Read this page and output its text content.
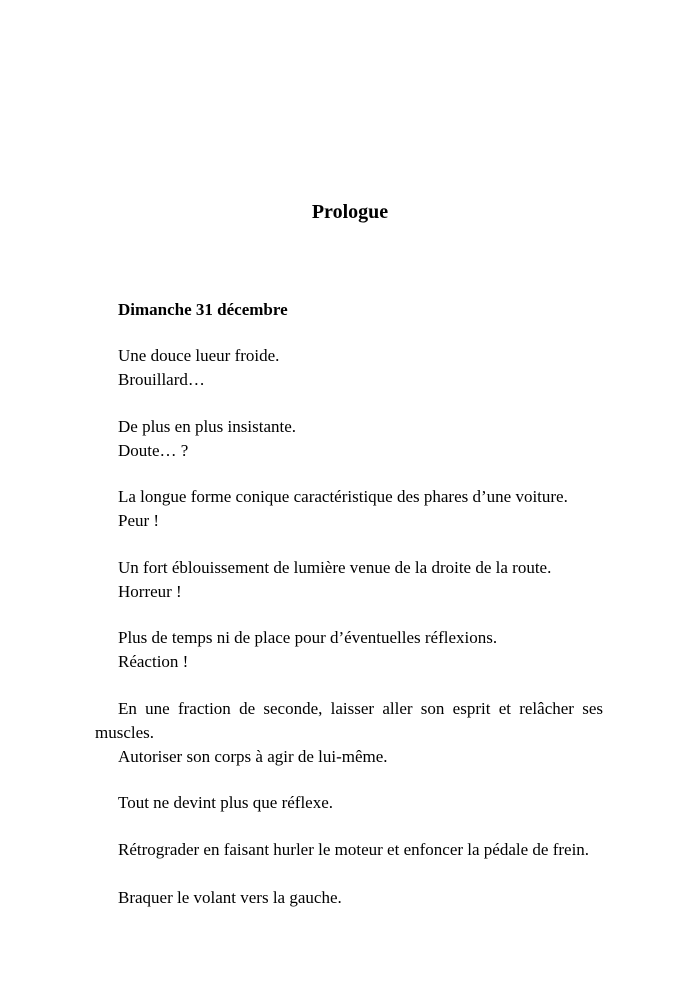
Prologue

Dimanche 31 décembre

Une douce lueur froide.

Brouillard…

De plus en plus insistante.

Doute… ?

La longue forme conique caractéristique des phares d’une voiture.

Peur !

Un fort éblouissement de lumière venue de la droite de la route.

Horreur !

Plus de temps ni de place pour d’éventuelles réflexions.

Réaction !

En une fraction de seconde, laisser aller son esprit et relâcher ses muscles.

Autoriser son corps à agir de lui-même.

Tout ne devint plus que réflexe.

Rétrograder en faisant hurler le moteur et enfoncer la pédale de frein.

Braquer le volant vers la gauche.
